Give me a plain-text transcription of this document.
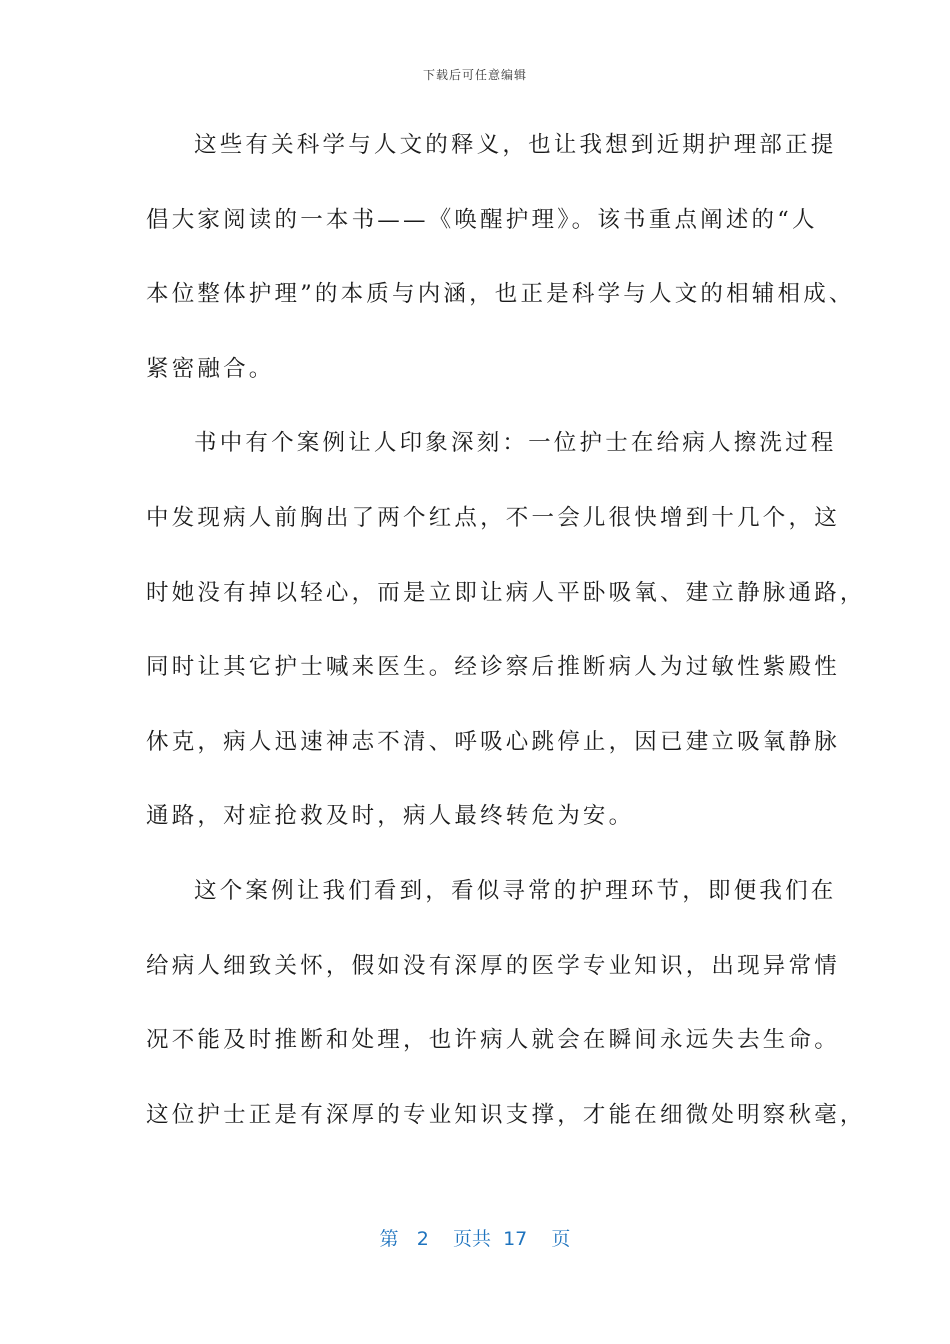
下载后可任意编辑
这些有关科学与人文的释义，也让我想到近期护理部正提
倡大家阅读的一本书——《唤醒护理》。该书重点阐述的“人
本位整体护理”的本质与内涵，也正是科学与人文的相辅相成、
紧密融合。
书中有个案例让人印象深刻：一位护士在给病人擦洗过程
中发现病人前胸出了两个红点，不一会儿很快增到十几个，这
时她没有掉以轻心，而是立即让病人平卧吸氧、建立静脉通路，
同时让其它护士喊来医生。经诊察后推断病人为过敏性紫殿性
休克，病人迅速神志不清、呼吸心跳停止，因已建立吸氧静脉
通路，对症抢救及时，病人最终转危为安。
这个案例让我们看到，看似寻常的护理环节，即便我们在
给病人细致关怀，假如没有深厚的医学专业知识，出现异常情
况不能及时推断和处理，也许病人就会在瞬间永远失去生命。
这位护士正是有深厚的专业知识支撑，才能在细微处明察秋毫，
第 2 页共 17 页
